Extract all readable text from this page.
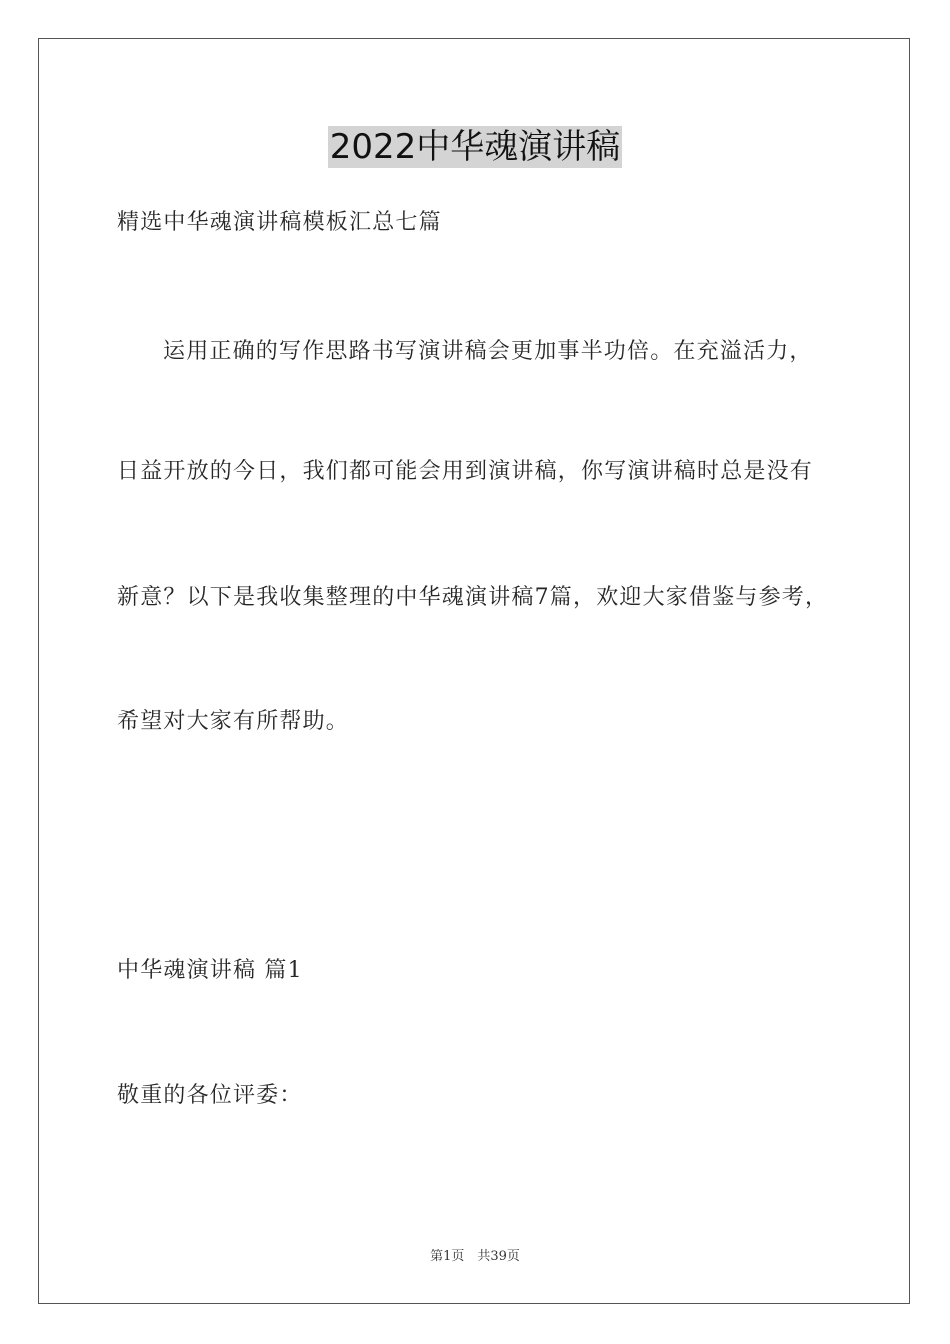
2022中华魂演讲稿
精选中华魂演讲稿模板汇总七篇
运用正确的写作思路书写演讲稿会更加事半功倍。在充溢活力，
日益开放的今日，我们都可能会用到演讲稿，你写演讲稿时总是没有
新意？以下是我收集整理的中华魂演讲稿7篇，欢迎大家借鉴与参考，
希望对大家有所帮助。
中华魂演讲稿 篇1
敬重的各位评委：
第1页　共39页
